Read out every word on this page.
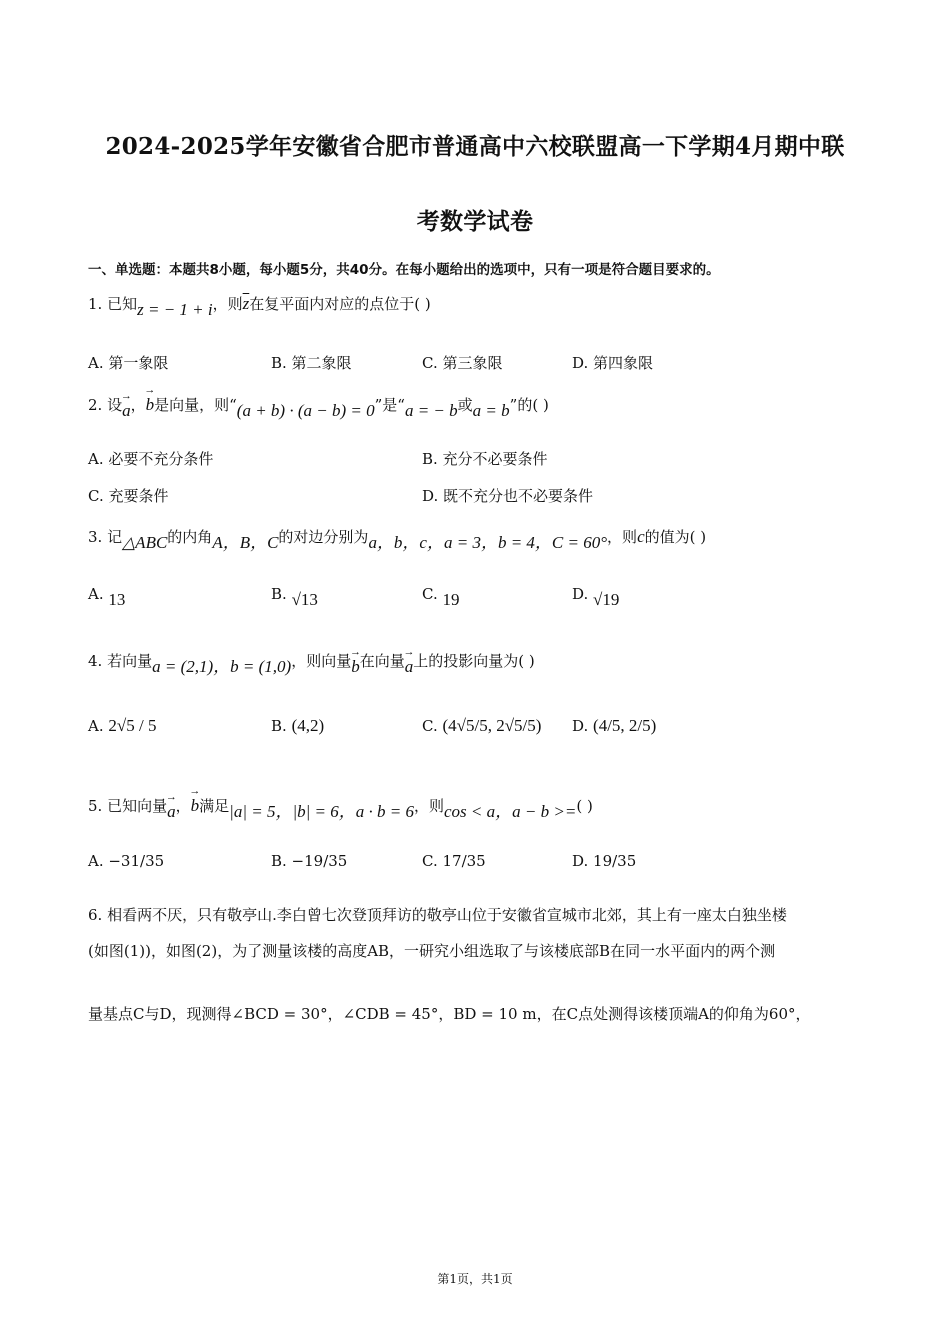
2024-2025学年安徽省合肥市普通高中六校联盟高一下学期4月期中联
考数学试卷
一、单选题：本题共8小题，每小题5分，共40分。在每小题给出的选项中，只有一项是符合题目要求的。
1. 已知z = − 1 + i，则$\overline{z}$在复平面内对应的点位于( )
A. 第一象限	B. 第二象限	C. 第三象限	D. 第四象限
2. 设a →，b →是向量，则“(a + b) · (a − b) = 0”是“a = − b或a = b”的( )
A. 必要不充分条件	B. 充分不必要条件
C. 充要条件	D. 既不充分也不必要条件
3. 记△ABC的内角A，B，C的对边分别为a，b，c，a = 3，b = 4，C = 60°，则c的值为( )
A. 13	B. √13	C. 19	D. √19
4. 若向量a = (2,1)，b = (1,0)，则向量b →在向量a →上的投影向量为( )
A. 2√5 / 5	B. (4,2)	C. (4√5/5, 2√5/5) D. (4/5, 2/5)
5. 已知向量a →，b →满足|a| = 5，|b| = 6，a · b = 6，则cos < a，a − b >=( )
A. −31/35	B. −19/35	C. 17/35	D. 19/35
6. 相看两不厌，只有敬亭山.李白曾七次登顶拜访的敬亭山位于安徽省宣城市北郊，其上有一座太白独坐楼
(如图(1))，如图(2)，为了测量该楼的高度AB，一研究小组选取了与该楼底部B在同一水平面内的两个测
量基点C与D，现测得∠BCD = 30°，∠CDB = 45°，BD = 10 m，在C点处测得该楼顶端A的仰角为60°，
第1页，共1页
